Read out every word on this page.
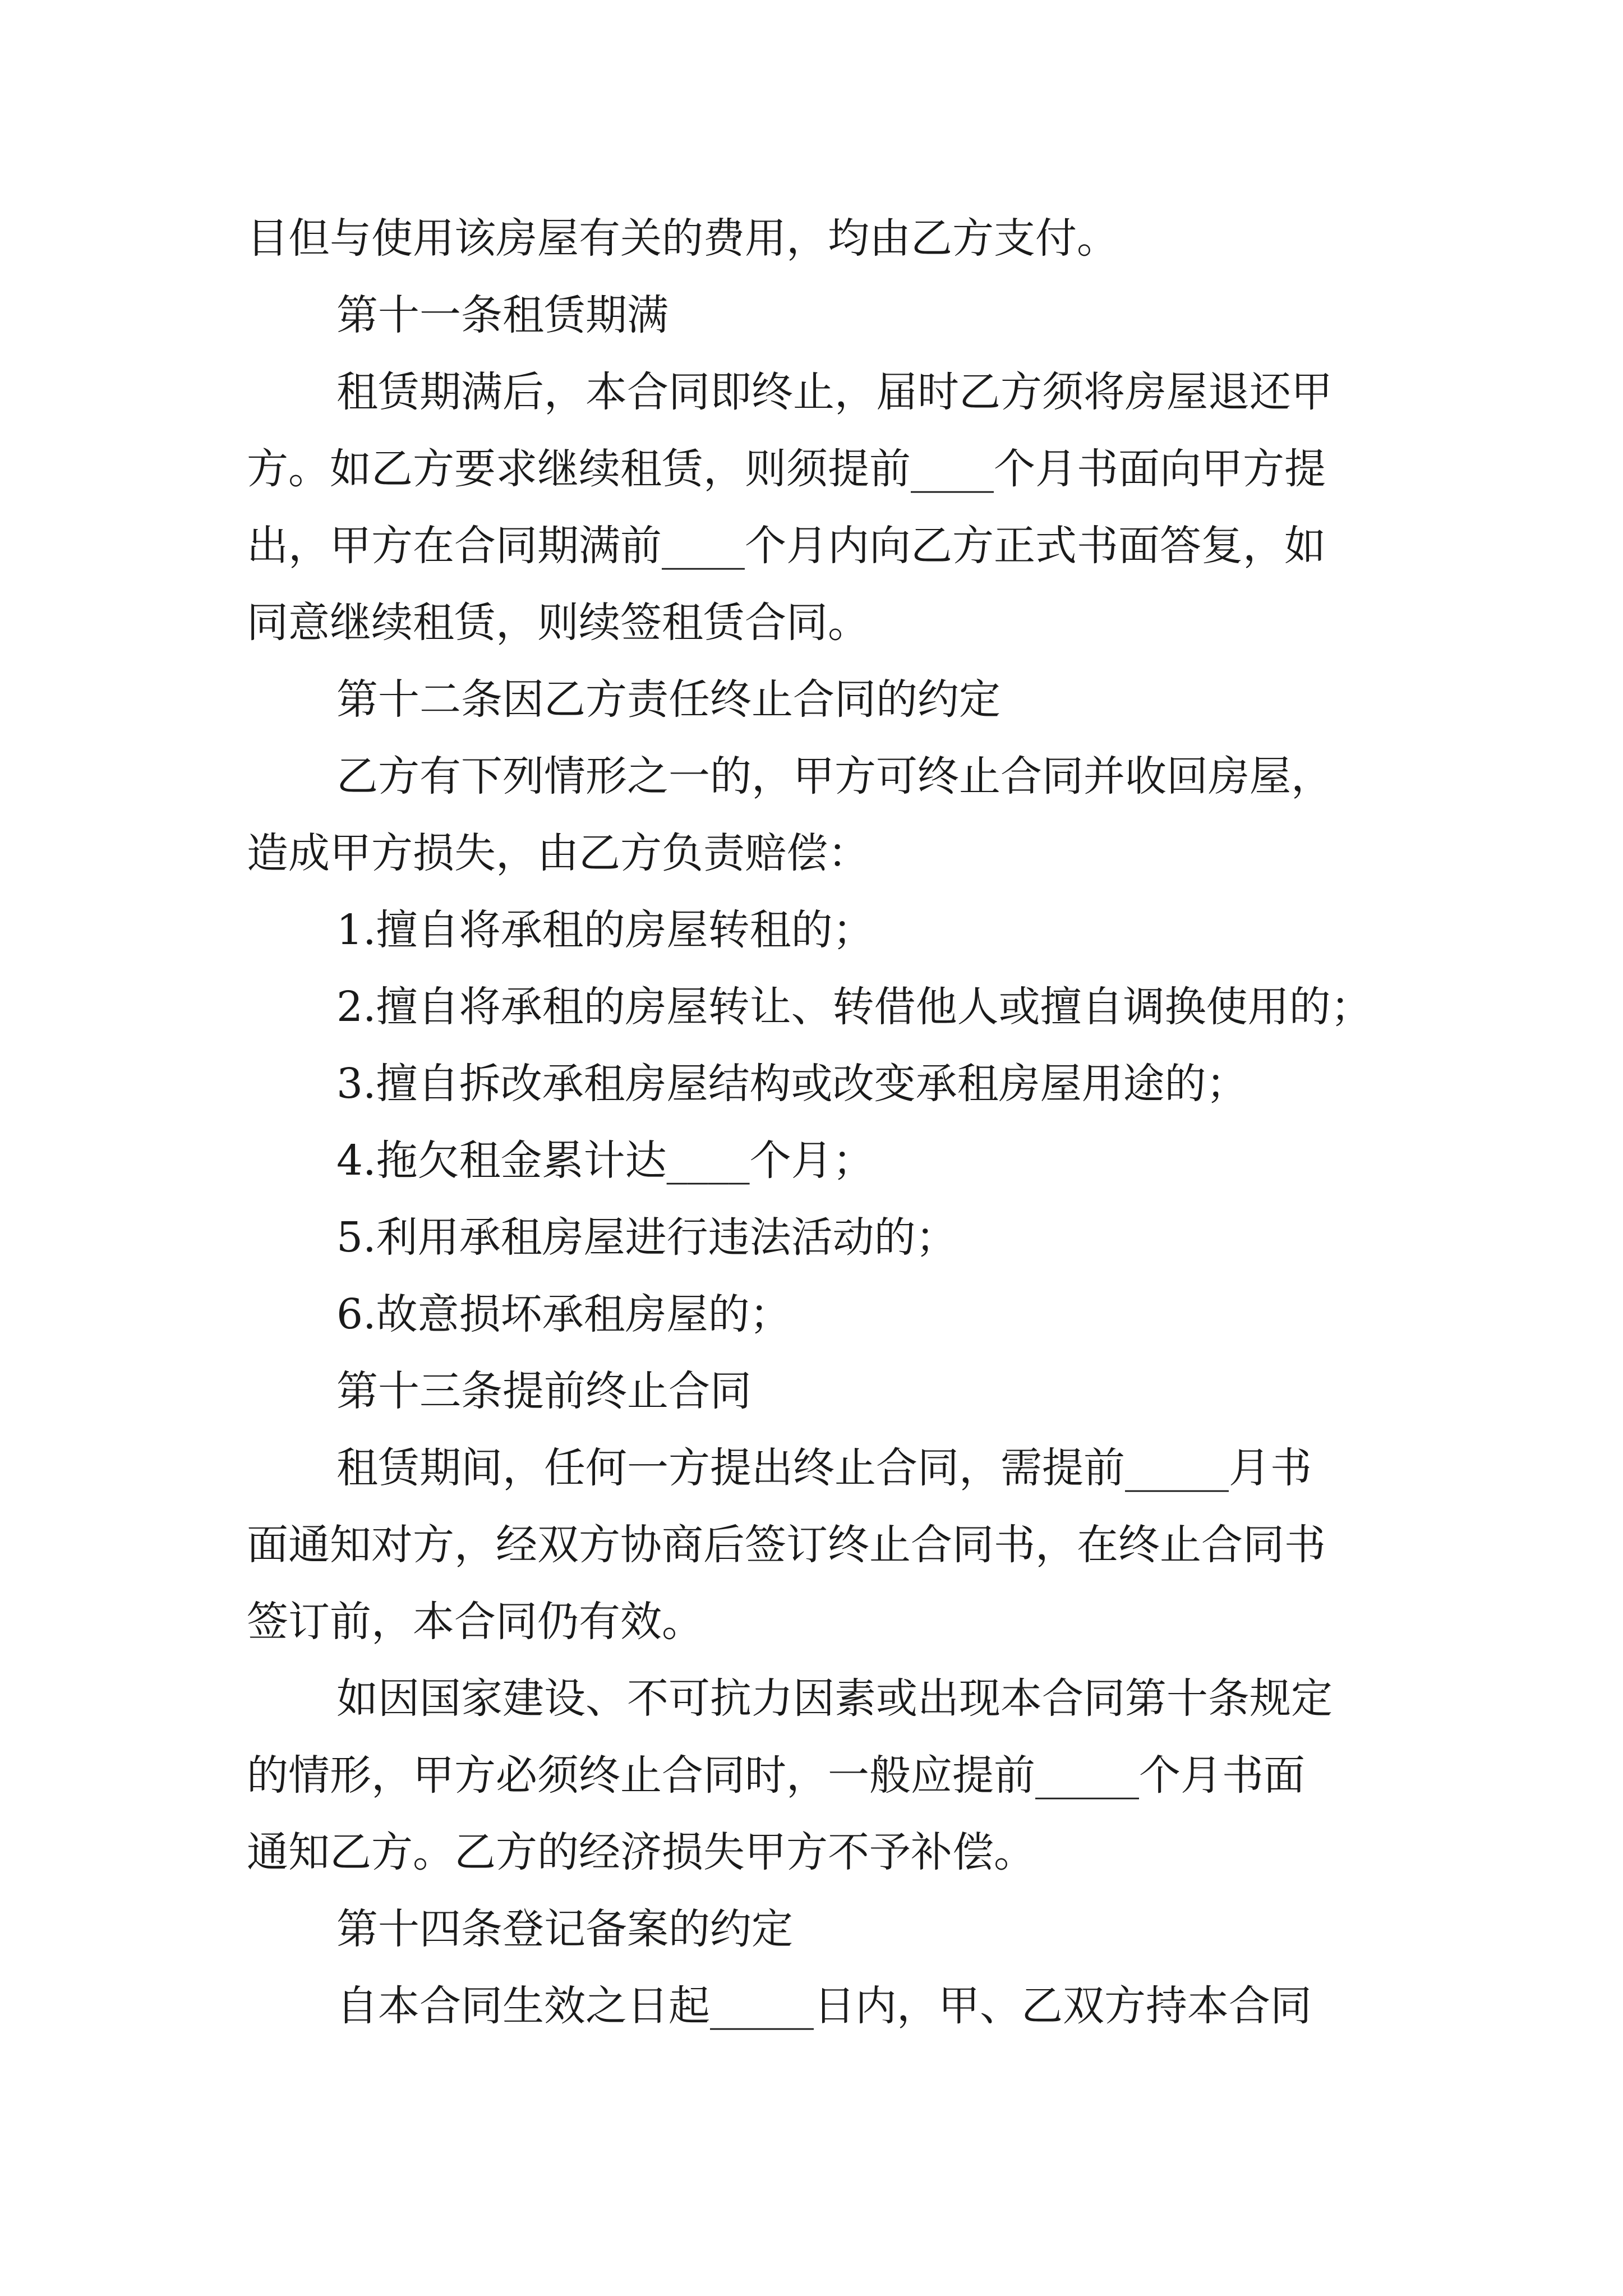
目但与使用该房屋有关的费用，均由乙方支付。
第十一条租赁期满
租赁期满后，本合同即终止，届时乙方须将房屋退还甲
方。如乙方要求继续租赁，则须提前____个月书面向甲方提
出，甲方在合同期满前____个月内向乙方正式书面答复，如
同意继续租赁，则续签租赁合同。
第十二条因乙方责任终止合同的约定
乙方有下列情形之一的，甲方可终止合同并收回房屋，
造成甲方损失，由乙方负责赔偿：
1.擅自将承租的房屋转租的；
2.擅自将承租的房屋转让、转借他人或擅自调换使用的；
3.擅自拆改承租房屋结构或改变承租房屋用途的；
4.拖欠租金累计达____个月；
5.利用承租房屋进行违法活动的；
6.故意损坏承租房屋的；
第十三条提前终止合同
租赁期间，任何一方提出终止合同，需提前_____月书
面通知对方，经双方协商后签订终止合同书，在终止合同书
签订前，本合同仍有效。
如因国家建设、不可抗力因素或出现本合同第十条规定
的情形，甲方必须终止合同时，一般应提前_____个月书面
通知乙方。乙方的经济损失甲方不予补偿。
第十四条登记备案的约定
自本合同生效之日起_____日内，甲、乙双方持本合同
